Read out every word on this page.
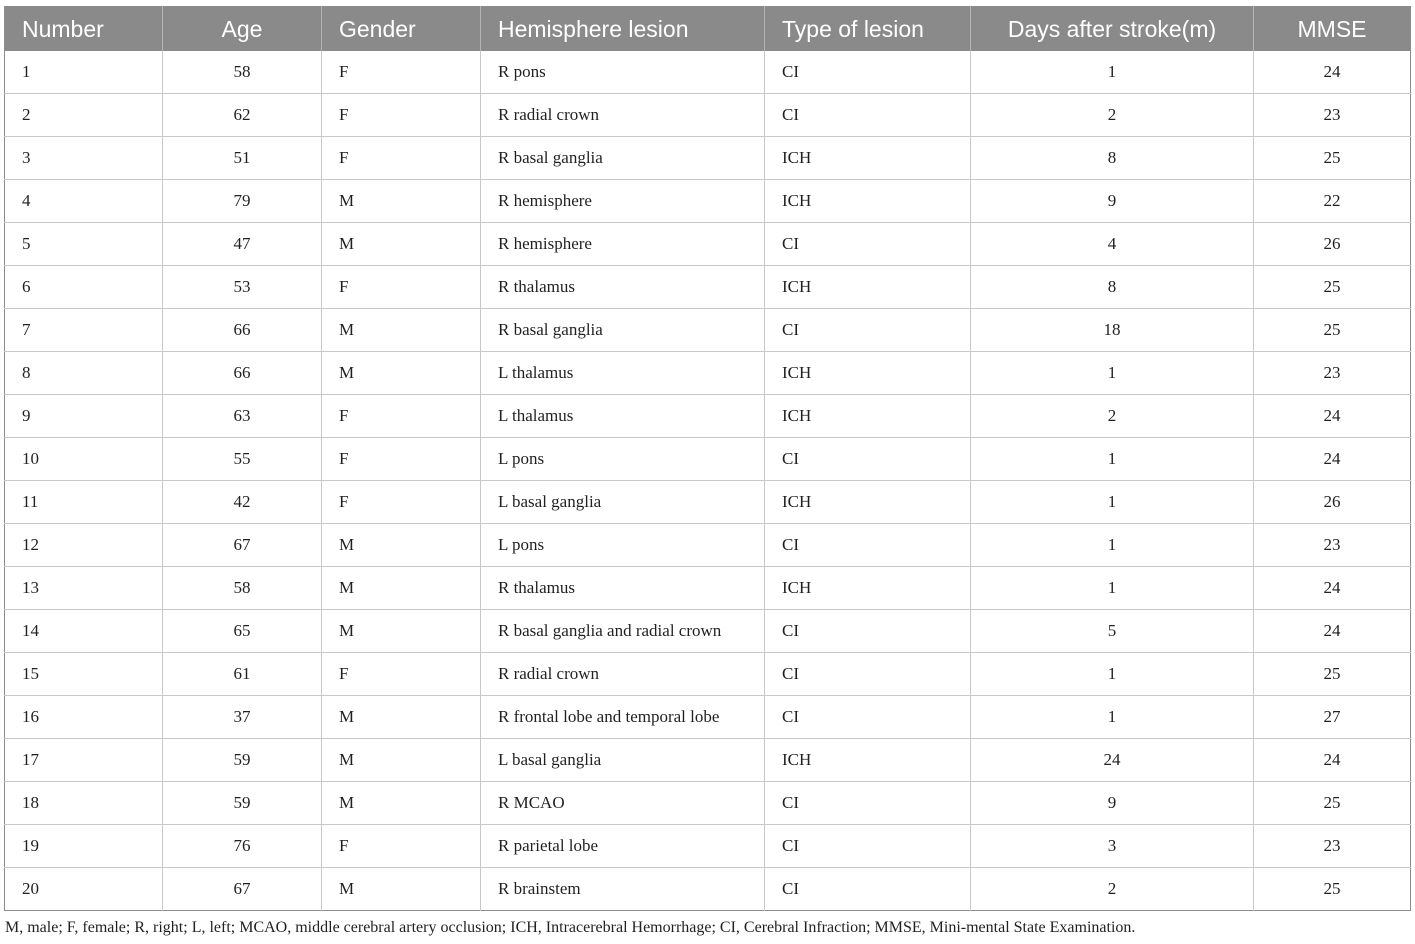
Number	Age	Gender	Hemisphere lesion	Type of lesion	Days after stroke(m)	MMSE
1	58	F	R pons	CI	1	24
2	62	F	R radial crown	CI	2	23
3	51	F	R basal ganglia	ICH	8	25
4	79	M	R hemisphere	ICH	9	22
5	47	M	R hemisphere	CI	4	26
6	53	F	R thalamus	ICH	8	25
7	66	M	R basal ganglia	CI	18	25
8	66	M	L thalamus	ICH	1	23
9	63	F	L thalamus	ICH	2	24
10	55	F	L pons	CI	1	24
11	42	F	L basal ganglia	ICH	1	26
12	67	M	L pons	CI	1	23
13	58	M	R thalamus	ICH	1	24
14	65	M	R basal ganglia and radial crown	CI	5	24
15	61	F	R radial crown	CI	1	25
16	37	M	R frontal lobe and temporal lobe	CI	1	27
17	59	M	L basal ganglia	ICH	24	24
18	59	M	R MCAO	CI	9	25
19	76	F	R parietal lobe	CI	3	23
20	67	M	R brainstem	CI	2	25
M, male; F, female; R, right; L, left; MCAO, middle cerebral artery occlusion; ICH, Intracerebral Hemorrhage; CI, Cerebral Infraction; MMSE, Mini-mental State Examination.
